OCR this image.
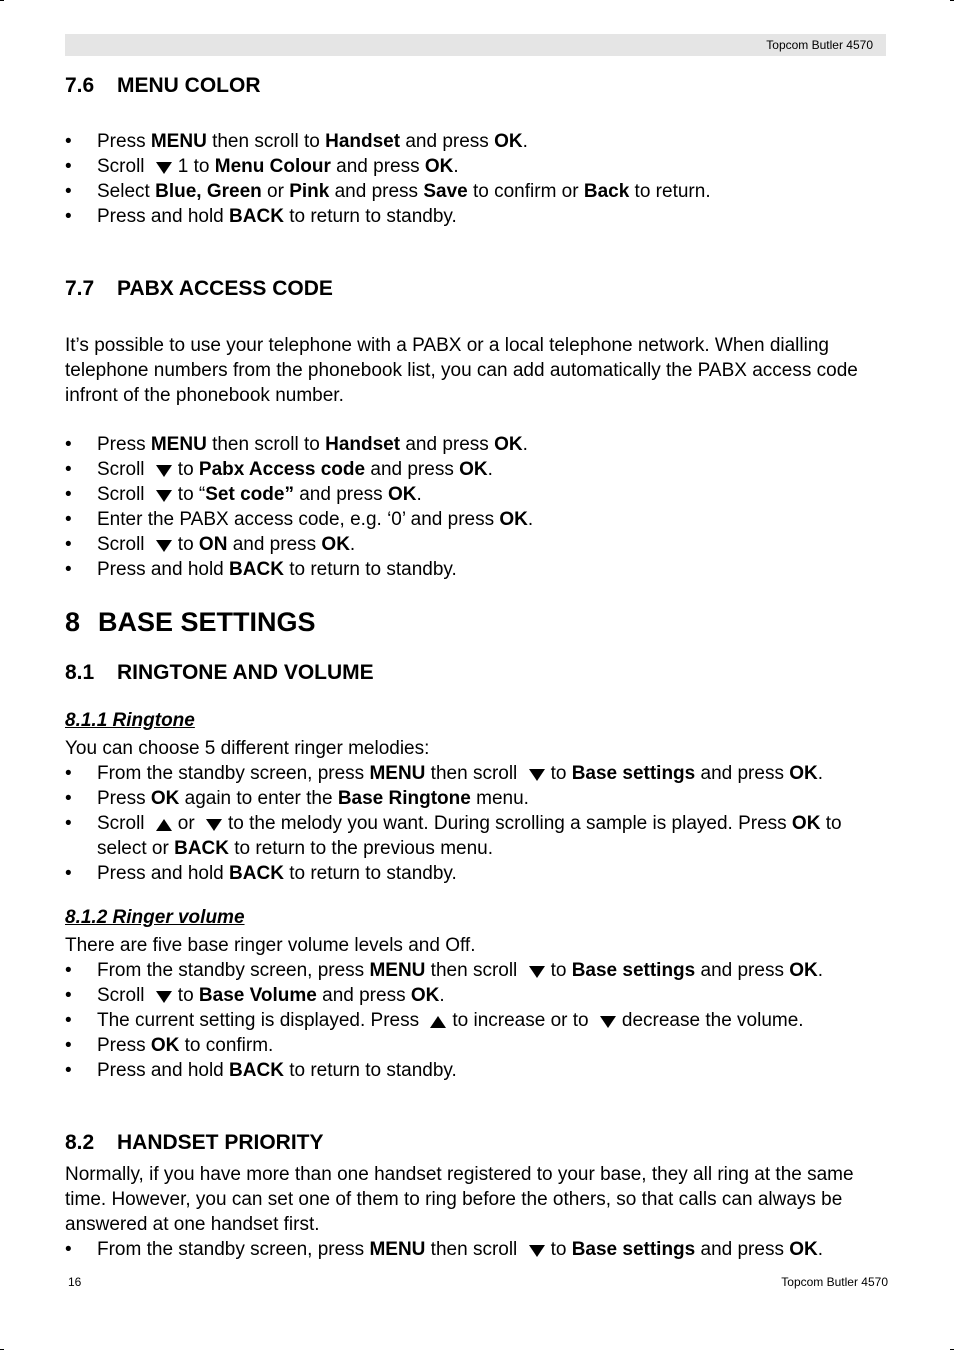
Topcom Butler 4570
7.6 MENU COLOR
• Press MENU then scroll to Handset and press OK.
• Scroll 1 to Menu Colour and press OK.
• Select Blue, Green or Pink and press Save to confirm or Back to return.
• Press and hold BACK to return to standby.
7.7 PABX ACCESS CODE

It’s possible to use your telephone with a PABX or a local telephone network. When dialling telephone numbers from the phonebook list, you can add automatically the PABX access code infront of the phonebook number.

• Press MENU then scroll to Handset and press OK.
• Scroll to Pabx Access code and press OK.
• Scroll to “Set code” and press OK.
• Enter the PABX access code, e.g. ‘0’ and press OK.
• Scroll to ON and press OK.
• Press and hold BACK to return to standby.
8 BASE SETTINGS
8.1 RINGTONE AND VOLUME
8.1.1 Ringtone

You can choose 5 different ringer melodies:

• From the standby screen, press MENU then scroll to Base settings and press OK.
• Press OK again to enter the Base Ringtone menu.
• Scroll or to the melody you want. During scrolling a sample is played. Press OK to select or BACK to return to the previous menu.
• Press and hold BACK to return to standby.
8.1.2 Ringer volume

There are five base ringer volume levels and Off.

• From the standby screen, press MENU then scroll to Base settings and press OK.
• Scroll to Base Volume and press OK.
• The current setting is displayed. Press to increase or to decrease the volume.
• Press OK to confirm.
• Press and hold BACK to return to standby.
8.2 HANDSET PRIORITY

Normally, if you have more than one handset registered to your base, they all ring at the same time. However, you can set one of them to ring before the others, so that calls can always be answered at one handset first.

• From the standby screen, press MENU then scroll to Base settings and press OK.
16	Topcom Butler 4570
